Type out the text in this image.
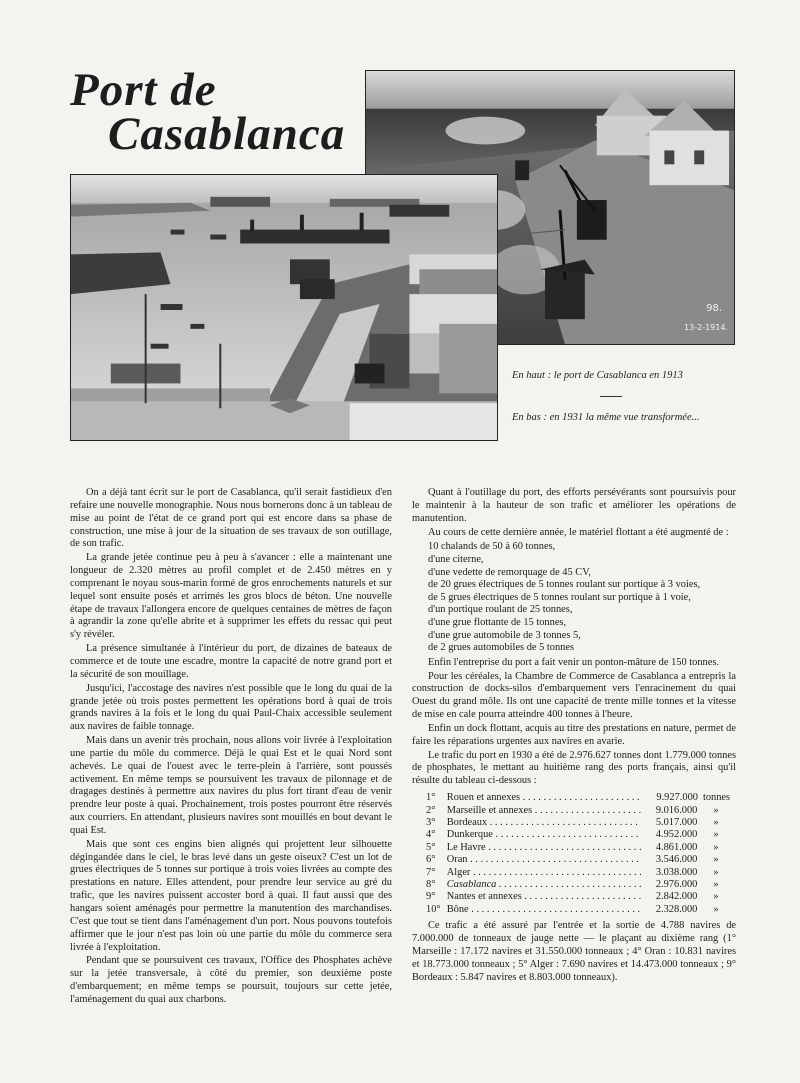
Port de
Casablanca
98.
13-2-1914.
En haut : le port de Casablanca en 1913
En bas : en 1931 la même vue transformée...

On a déjà tant écrit sur le port de Casablanca, qu'il serait fastidieux d'en refaire une nouvelle monographie. Nous nous bornerons donc à un tableau de mise au point de l'état de ce grand port qui est encore dans sa phase de construction, une mise à jour de la situation de ses travaux de son outillage, de son trafic.

La grande jetée continue peu à peu à s'avancer : elle a maintenant une longueur de 2.320 mètres au profil complet et de 2.450 mètres en y comprenant le noyau sous-marin formé de gros enrochements naturels et sur lequel sont ensuite posés et arrimés les gros blocs de béton. Une nouvelle étape de travaux l'allongera encore de quelques centaines de mètres de façon à agrandir la zone qu'elle abrite et à supprimer les effets du ressac qui peut s'y révéler.

La présence simultanée à l'intérieur du port, de dizaines de bateaux de commerce et de toute une escadre, montre la capacité de notre grand port et la sécurité de son mouillage.

Jusqu'ici, l'accostage des navires n'est possible que le long du quai de la grande jetée où trois postes permettent les opérations bord à quai de trois grands navires à la fois et le long du quai Paul-Chaix accessible seulement aux navires de faible tonnage.

Mais dans un avenir très prochain, nous allons voir livrée à l'exploitation une partie du môle du commerce. Déjà le quai Est et le quai Nord sont achevés. Le quai de l'ouest avec le terre-plein à l'arrière, sont poussés activement. En même temps se poursuivent les travaux de pilonnage et de dragages destinés à permettre aux navires du plus fort tirant d'eau de venir prendre leur poste à quai. Prochainement, trois postes pourront être réservés aux courriers. En attendant, plusieurs navires sont mouillés en bout devant le quai Est.

Mais que sont ces engins bien alignés qui projettent leur silhouette dégingandée dans le ciel, le bras levé dans un geste oiseux? C'est un lot de grues électriques de 5 tonnes sur portique à trois voies livrées au compte des prestations en nature. Elles attendent, pour prendre leur service au gré du trafic, que les navires puissent accoster bord à quai. Il faut aussi que des hangars soient aménagés pour permettre la manutention des marchandises. C'est que tout se tient dans l'aménagement d'un port. Nous pouvons toutefois affirmer que le jour n'est pas loin où une partie du môle du commerce sera livrée à l'exploitation.

Pendant que se poursuivent ces travaux, l'Office des Phosphates achève sur la jetée transversale, à côté du premier, son deuxième poste d'embarquement; en même temps se poursuit, toujours sur cette jetée, l'aménagement du quai aux charbons.

Quant à l'outillage du port, des efforts persévérants sont poursuivis pour le maintenir à la hauteur de son trafic et améliorer les opérations de manutention.

Au cours de cette dernière année, le matériel flottant a été augmenté de :

10 chalands de 50 à 60 tonnes,
d'une citerne,
d'une vedette de remorquage de 45 CV,
de 20 grues électriques de 5 tonnes roulant sur portique à 3 voies,
de 5 grues électriques de 5 tonnes roulant sur portique à 1 voie,
d'un portique roulant de 25 tonnes,
d'une grue flottante de 15 tonnes,
d'une grue automobile de 3 tonnes 5,
de 2 grues automobiles de 5 tonnes

Enfin l'entreprise du port a fait venir un ponton-mâture de 150 tonnes.

Pour les céréales, la Chambre de Commerce de Casablanca a entrepris la construction de docks-silos d'embarquement vers l'enracinement du quai Ouest du grand môle. Ils ont une capacité de trente mille tonnes et la vitesse de mise en cale pourra atteindre 400 tonnes à l'heure.

Enfin un dock flottant, acquis au titre des prestations en nature, permet de faire les réparations urgentes aux navires en avarie.

Le trafic du port en 1930 a été de 2.976.627 tonnes dont 1.779.000 tonnes de phosphates, le mettant au huitième rang des ports français, ainsi qu'il résulte du tableau ci-dessous :

1°	Rouen et annexes . . .	9.927.000 tonnes
2°	Marseille et annexes . . .	9.016.000	»
3°	Bordeaux . . .	5.017.000	»
4°	Dunkerque . . .	4.952.000	»
5°	Le Havre . . .	4.861.000	»
6°	Oran . . .	3.546.000	»
7°	Alger . . .	3.038.000	»
8°	Casablanca . . .	2.976.000	»
9°	Nantes et annexes . . .	2.842.000	»
10° Bône . . .	2.328.000	»

Ce trafic a été assuré par l'entrée et la sortie de 4.788 navires de 7.000.000 de tonneaux de jauge nette — le plaçant au dixième rang (1° Marseille : 17.172 navires et 31.550.000 tonneaux ; 4° Oran : 10.831 navires et 18.773.000 tonneaux ; 5° Alger : 7.690 navires et 14.473.000 tonneaux ; 9° Bordeaux : 5.847 navires et 8.803.000 tonneaux).
